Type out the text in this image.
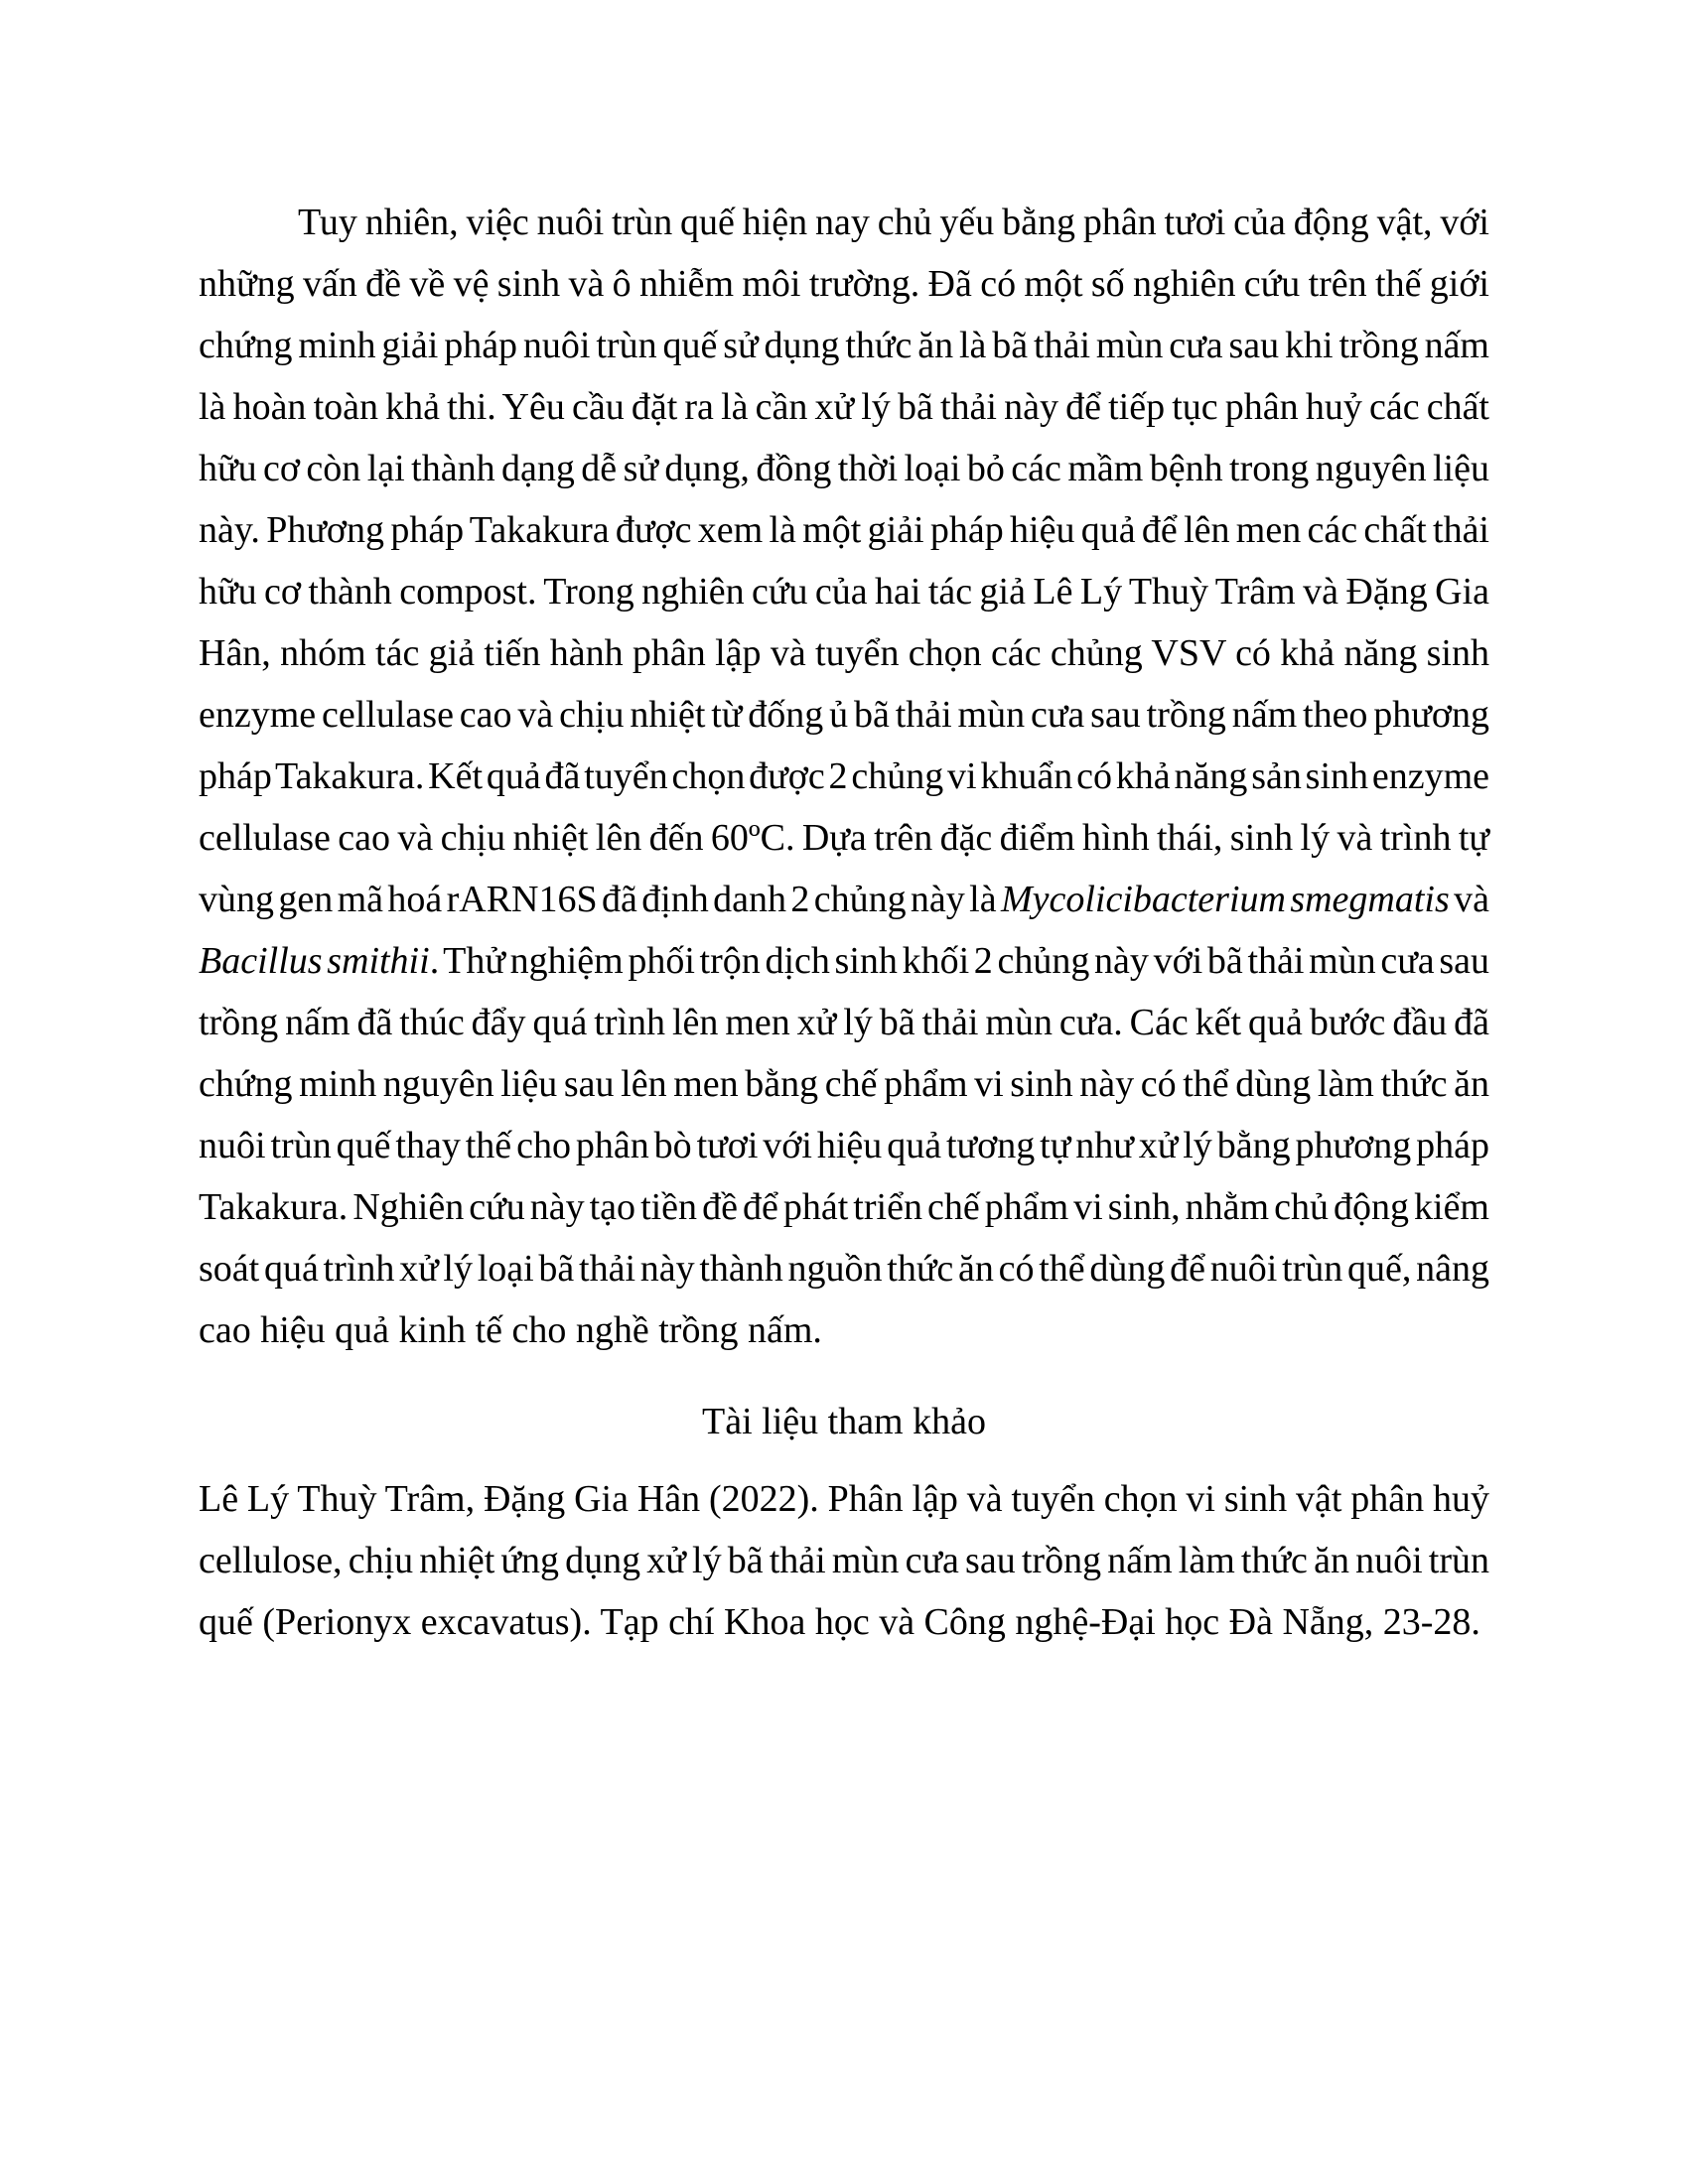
Tuy nhiên, việc nuôi trùn quế hiện nay chủ yếu bằng phân tươi của động vật, với
những vấn đề về vệ sinh và ô nhiễm môi trường. Đã có một số nghiên cứu trên thế giới
chứng minh giải pháp nuôi trùn quế sử dụng thức ăn là bã thải mùn cưa sau khi trồng nấm
là hoàn toàn khả thi. Yêu cầu đặt ra là cần xử lý bã thải này để tiếp tục phân huỷ các chất
hữu cơ còn lại thành dạng dễ sử dụng, đồng thời loại bỏ các mầm bệnh trong nguyên liệu
này. Phương pháp Takakura được xem là một giải pháp hiệu quả để lên men các chất thải
hữu cơ thành compost. Trong nghiên cứu của hai tác giả Lê Lý Thuỳ Trâm và Đặng Gia
Hân, nhóm tác giả tiến hành phân lập và tuyển chọn các chủng VSV có khả năng sinh
enzyme cellulase cao và chịu nhiệt từ đống ủ bã thải mùn cưa sau trồng nấm theo phương
pháp Takakura. Kết quả đã tuyển chọn được 2 chủng vi khuẩn có khả năng sản sinh enzyme
cellulase cao và chịu nhiệt lên đến 60ºC. Dựa trên đặc điểm hình thái, sinh lý và trình tự
vùng gen mã hoá rARN16S đã định danh 2 chủng này là Mycolicibacterium smegmatis và
Bacillus smithii. Thử nghiệm phối trộn dịch sinh khối 2 chủng này với bã thải mùn cưa sau
trồng nấm đã thúc đẩy quá trình lên men xử lý bã thải mùn cưa. Các kết quả bước đầu đã
chứng minh nguyên liệu sau lên men bằng chế phẩm vi sinh này có thể dùng làm thức ăn
nuôi trùn quế thay thế cho phân bò tươi với hiệu quả tương tự như xử lý bằng phương pháp
Takakura. Nghiên cứu này tạo tiền đề để phát triển chế phẩm vi sinh, nhằm chủ động kiểm
soát quá trình xử lý loại bã thải này thành nguồn thức ăn có thể dùng để nuôi trùn quế, nâng
cao hiệu quả kinh tế cho nghề trồng nấm.
Tài liệu tham khảo
Lê Lý Thuỳ Trâm, Đặng Gia Hân (2022). Phân lập và tuyển chọn vi sinh vật phân huỷ
cellulose, chịu nhiệt ứng dụng xử lý bã thải mùn cưa sau trồng nấm làm thức ăn nuôi trùn
quế (Perionyx excavatus). Tạp chí Khoa học và Công nghệ-Đại học Đà Nẵng, 23-28.
